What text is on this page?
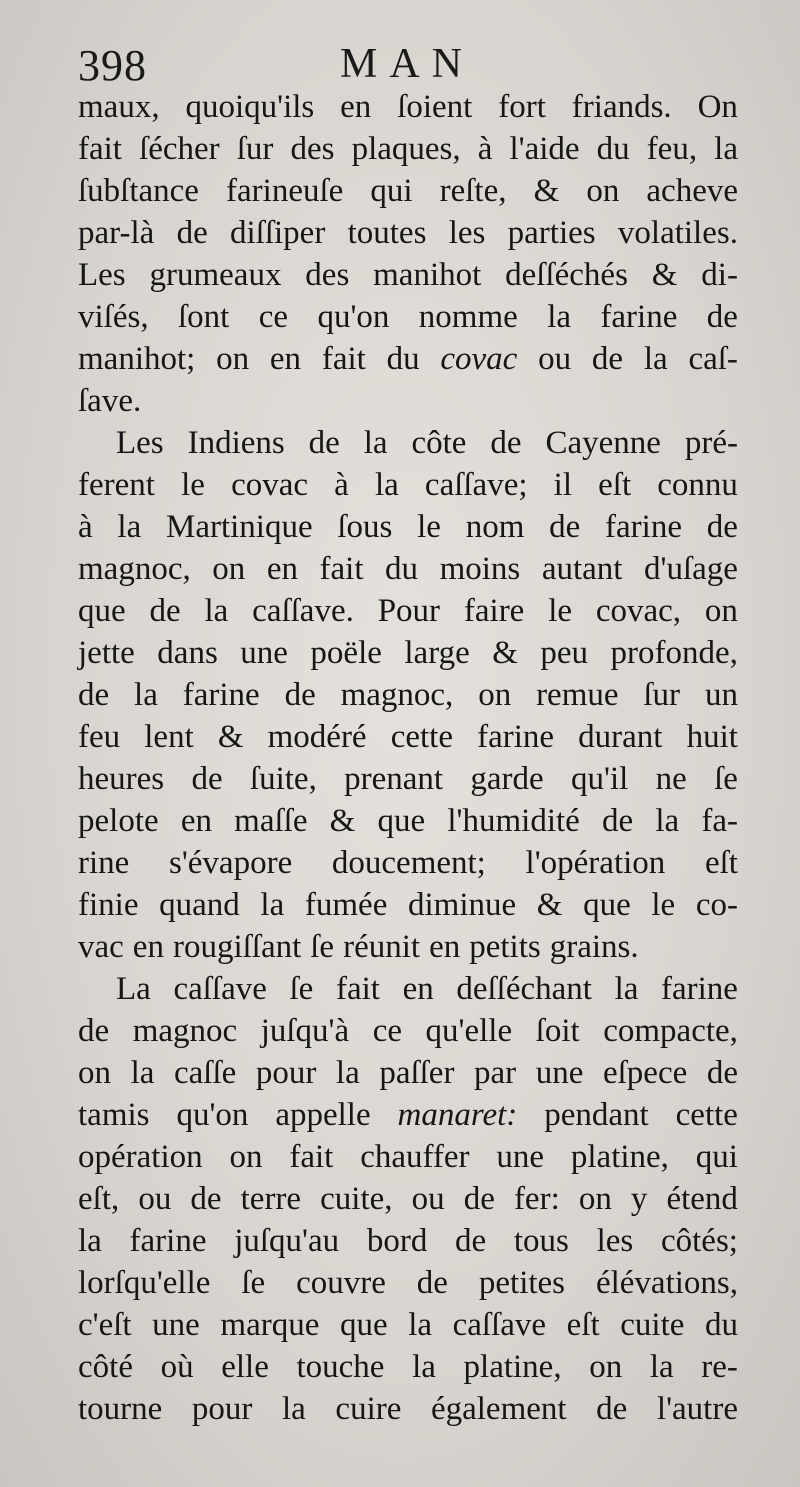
398	MAN
maux, quoiqu'ils en ſoient fort friands. On
fait ſécher ſur des plaques, à l'aide du feu, la
ſubſtance farineuſe qui reſte, & on acheve
par-là de diſſiper toutes les parties volatiles.
Les grumeaux des manihot deſſéchés & di-
viſés, ſont ce qu'on nomme la farine de
manihot; on en fait du covac ou de la caſ-
ſave.
Les Indiens de la côte de Cayenne pré-
ferent le covac à la caſſave; il eſt connu
à la Martinique ſous le nom de farine de
magnoc, on en fait du moins autant d'uſage
que de la caſſave. Pour faire le covac, on
jette dans une poële large & peu profonde,
de la farine de magnoc, on remue ſur un
feu lent & modéré cette farine durant huit
heures de ſuite, prenant garde qu'il ne ſe
pelote en maſſe & que l'humidité de la fa-
rine s'évapore doucement; l'opération eſt
finie quand la fumée diminue & que le co-
vac en rougiſſant ſe réunit en petits grains.
La caſſave ſe fait en deſſéchant la farine
de magnoc juſqu'à ce qu'elle ſoit compacte,
on la caſſe pour la paſſer par une eſpece de
tamis qu'on appelle manaret: pendant cette
opération on fait chauffer une platine, qui
eſt, ou de terre cuite, ou de fer: on y étend
la farine juſqu'au bord de tous les côtés;
lorſqu'elle ſe couvre de petites élévations,
c'eſt une marque que la caſſave eſt cuite du
côté où elle touche la platine, on la re-
tourne pour la cuire également de l'autre
